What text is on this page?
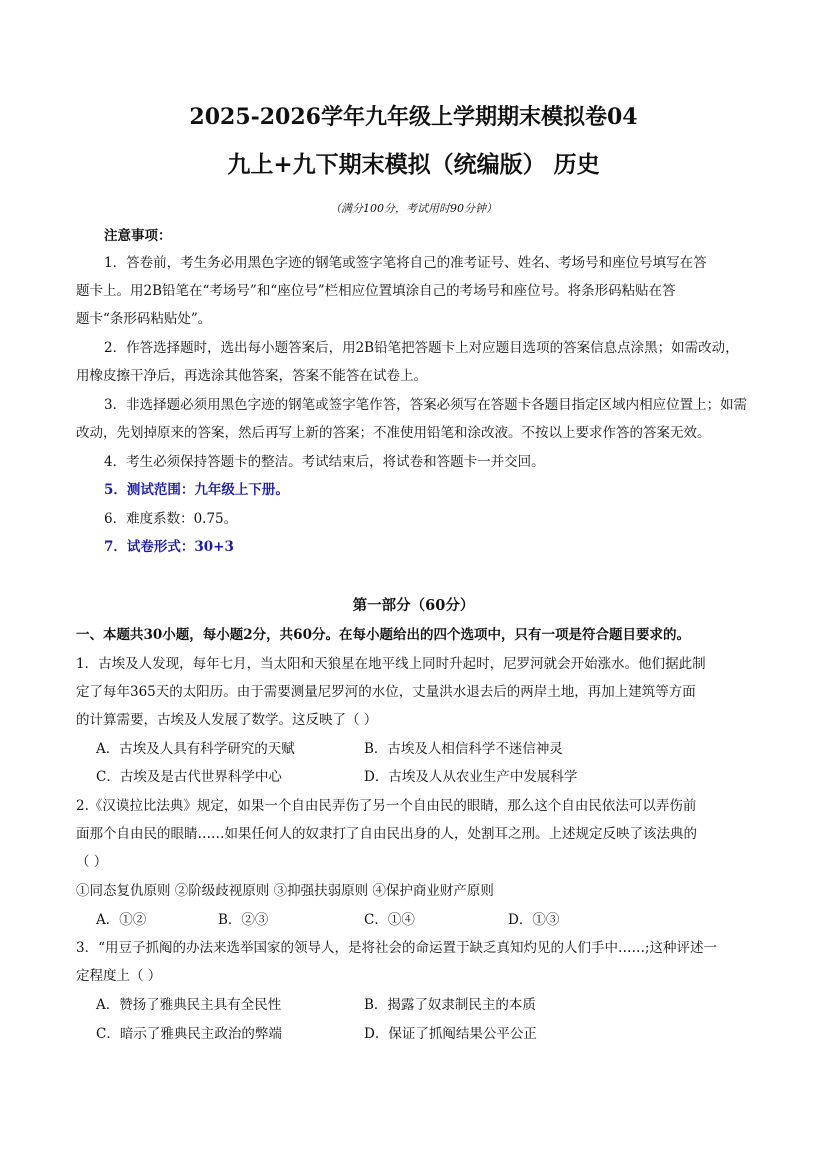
2025-2026学年九年级上学期期末模拟卷04
九上+九下期末模拟（统编版） 历史
（满分100分，考试用时90分钟）
注意事项：
1．答卷前，考生务必用黑色字迹的钢笔或签字笔将自己的准考证号、姓名、考场号和座位号填写在答
题卡上。用2B铅笔在“考场号”和“座位号”栏相应位置填涂自己的考场号和座位号。将条形码粘贴在答
题卡“条形码粘贴处”。
2．作答选择题时，选出每小题答案后，用2B铅笔把答题卡上对应题目选项的答案信息点涂黑；如需改动，
用橡皮擦干净后，再选涂其他答案，答案不能答在试卷上。
3．非选择题必须用黑色字迹的钢笔或签字笔作答，答案必须写在答题卡各题目指定区域内相应位置上；如需
改动，先划掉原来的答案，然后再写上新的答案；不准使用铅笔和涂改液。不按以上要求作答的答案无效。
4．考生必须保持答题卡的整洁。考试结束后，将试卷和答题卡一并交回。
5．测试范围：九年级上下册。
6．难度系数：0.75。
7．试卷形式：30+3
第一部分（60分）
一、本题共30小题，每小题2分，共60分。在每小题给出的四个选项中，只有一项是符合题目要求的。
1．古埃及人发现，每年七月，当太阳和天狼星在地平线上同时升起时，尼罗河就会开始涨水。他们据此制
定了每年365天的太阳历。由于需要测量尼罗河的水位，丈量洪水退去后的两岸土地，再加上建筑等方面
的计算需要，古埃及人发展了数学。这反映了（ ）
A．古埃及人具有科学研究的天赋	B．古埃及人相信科学不迷信神灵
C．古埃及是古代世界科学中心	D．古埃及人从农业生产中发展科学
2.《汉谟拉比法典》规定，如果一个自由民弄伤了另一个自由民的眼睛，那么这个自由民依法可以弄伤前
面那个自由民的眼睛……如果任何人的奴隶打了自由民出身的人，处割耳之刑。上述规定反映了该法典的
（ ）
①同态复仇原则 ②阶级歧视原则 ③抑强扶弱原则 ④保护商业财产原则
A．①②	B．②③	C．①④	D．①③
3．“用豆子抓阄的办法来选举国家的领导人，是将社会的命运置于缺乏真知灼见的人们手中……;这种评述一
定程度上（ ）
A．赞扬了雅典民主具有全民性	B．揭露了奴隶制民主的本质
C．暗示了雅典民主政治的弊端	D．保证了抓阄结果公平公正
